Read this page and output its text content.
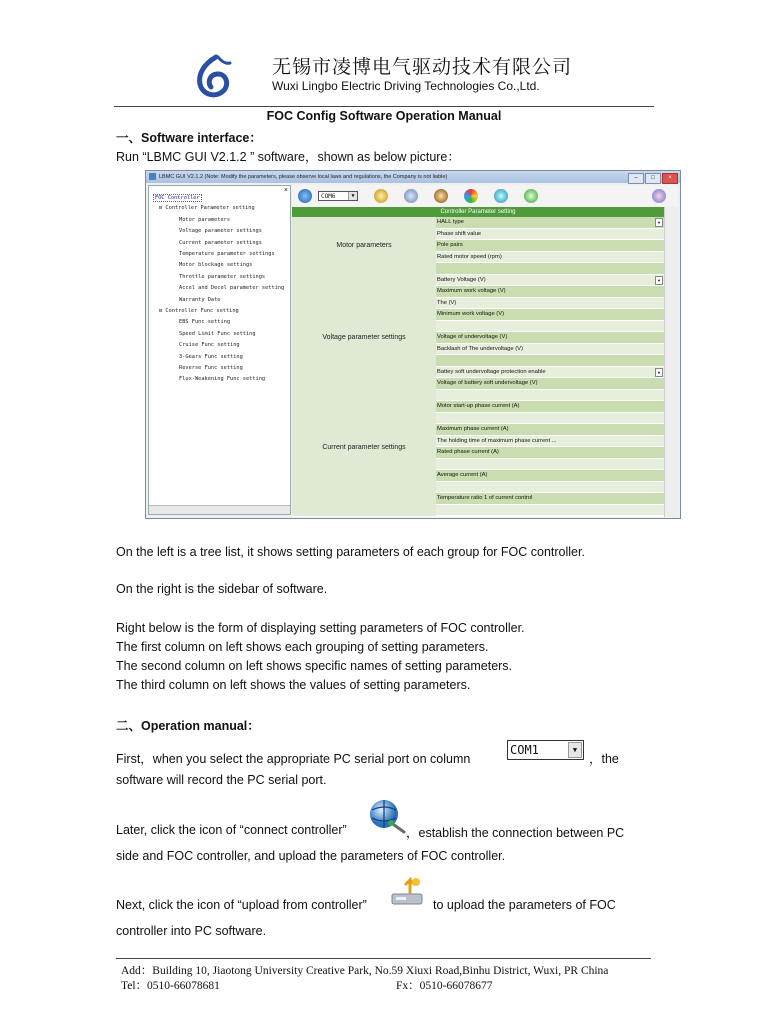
无锡市凌博电气驱动技术有限公司
Wuxi Lingbo Electric Driving Technologies Co.,Ltd.
FOC Config Software Operation Manual
一、Software interface：
Run “LBMC GUI V2.1.2 ” software，shown as below picture：
LBMC GUI V2.1.2 (Note: Modify the parameters, please observe local laws and regulations, the Company is not liable)	– □ ×
×
FOC Controller
⊟ Controller Parameter setting
Motor parameters
Voltage parameter settings
Current parameter settings
Temperature parameter settings
Motor blockage settings
Throttle parameter settings
Accel and Decel parameter setting
Warranty Date
⊟ Controller Func setting
EBS Func setting
Speed Limit Func setting
Cruise Func setting
3-Gears Func setting
Reverse Func setting
Flux-Weakening Func setting
COM6	▼
Controller Parameter setting
Motor parameters
HALL type	▼
Phase shift value
Pole pairs
Rated motor speed (rpm)
Voltage parameter settings
Battery Voltage (V)	▼
Maximum work voltage (V)
The (V)
Minimum work voltage (V)
Voltage of undervoltage (V)
Backlash of The undervoltage (V)
Battey soft undervoltage protection enable	▼
Voltage of battery soft undervoltage (V)
Current parameter settings
Motor start-up phase current (A)
Maximum phase current (A)
The holding time of maximum phase current ...
Rated phase current (A)
Average current (A)
Temperature ratio 1 of current control
On the left is a tree list, it shows setting parameters of each group for FOC controller.
On the right is the sidebar of software.
Right below is the form of displaying setting parameters of FOC controller.
The first column on left shows each grouping of setting parameters.
The second column on left shows specific names of setting parameters.
The third column on left shows the values of setting parameters.
二、Operation manual：
First，when you select the appropriate PC serial port on column
COM1	▼
，the
software will record the PC serial port.
Later, click the icon of “connect controller”	，establish the connection between PC
side and FOC controller, and upload the parameters of FOC controller.
Next, click the icon of “upload from controller”	to upload the parameters of FOC
controller into PC software.
Add：Building 10, Jiaotong University Creative Park, No.59 Xiuxi Road,Binhu District, Wuxi, PR China
Tel：0510-66078681	Fx：0510-66078677
